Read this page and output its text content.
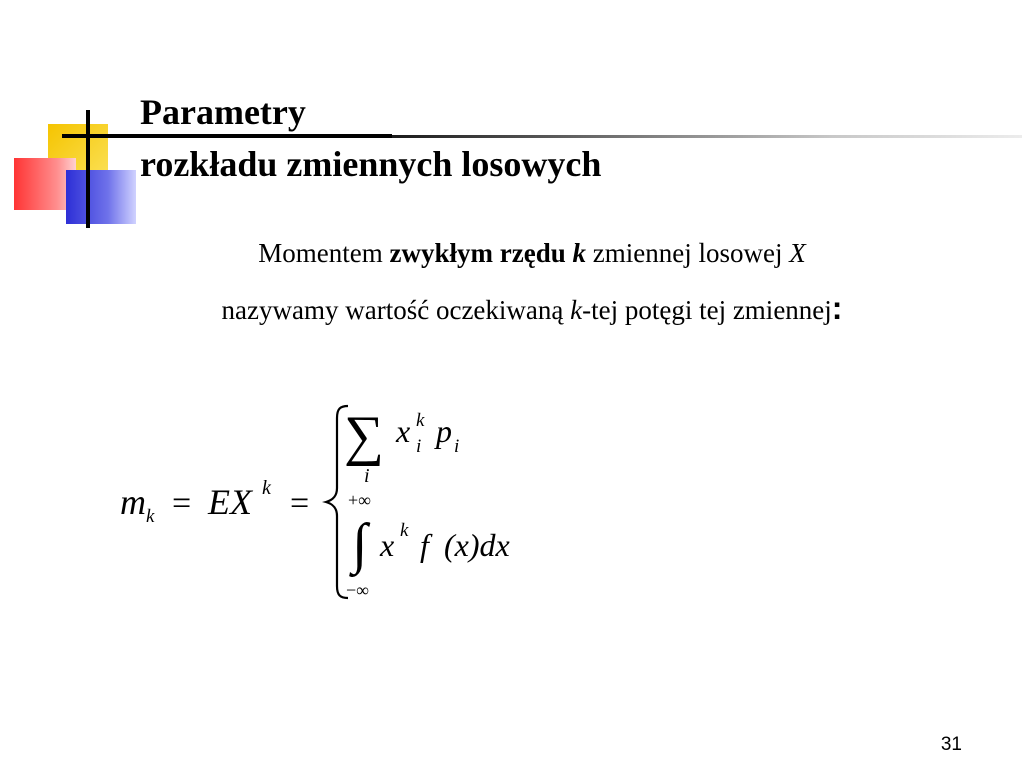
Parametry
rozkładu zmiennych losowych
Momentem zwykłym rzędu k zmiennej losowej X
nazywamy wartość oczekiwaną k-tej potęgi tej zmiennej:
m k = EX k =
∑
i
x k
i p i
+∞
∫
−∞
x k f (x)dx
31
